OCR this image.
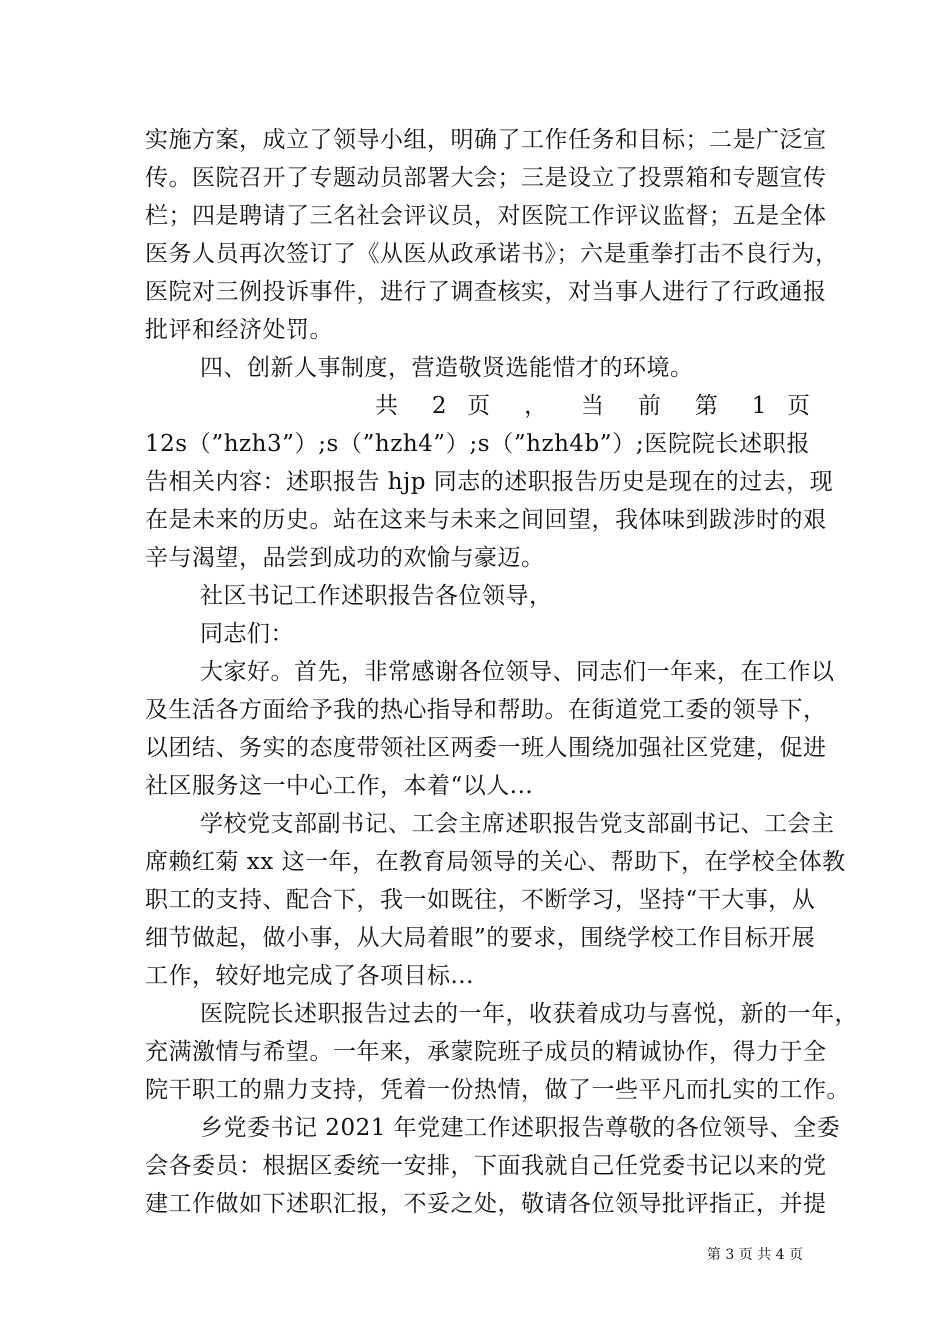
实施方案，成立了领导小组，明确了工作任务和目标；二是广泛宣
传。医院召开了专题动员部署大会；三是设立了投票箱和专题宣传
栏；四是聘请了三名社会评议员，对医院工作评议监督；五是全体
医务人员再次签订了《从医从政承诺书》；六是重拳打击不良行为，
医院对三例投诉事件，进行了调查核实，对当事人进行了行政通报
批评和经济处罚。
四、创新人事制度，营造敬贤选能惜才的环境。
共 2 页 ， 当 前 第 1 页
12s（”hzh3”）;s（”hzh4”）;s（”hzh4b”）;医院院长述职报
告相关内容：述职报告 hjp 同志的述职报告历史是现在的过去，现
在是未来的历史。站在这来与未来之间回望，我体味到跋涉时的艰
辛与渴望，品尝到成功的欢愉与豪迈。
社区书记工作述职报告各位领导，
同志们：
大家好。首先，非常感谢各位领导、同志们一年来，在工作以
及生活各方面给予我的热心指导和帮助。在街道党工委的领导下，
以团结、务实的态度带领社区两委一班人围绕加强社区党建，促进
社区服务这一中心工作，本着“以人...
学校党支部副书记、工会主席述职报告党支部副书记、工会主
席赖红菊 xx 这一年，在教育局领导的关心、帮助下，在学校全体教
职工的支持、配合下，我一如既往，不断学习，坚持“干大事，从
细节做起，做小事，从大局着眼”的要求，围绕学校工作目标开展
工作，较好地完成了各项目标...
医院院长述职报告过去的一年，收获着成功与喜悦，新的一年，
充满激情与希望。一年来，承蒙院班子成员的精诚协作，得力于全
院干职工的鼎力支持，凭着一份热情，做了一些平凡而扎实的工作。
乡党委书记 2021 年党建工作述职报告尊敬的各位领导、全委
会各委员：根据区委统一安排，下面我就自己任党委书记以来的党
建工作做如下述职汇报，不妥之处，敬请各位领导批评指正，并提
第 3 页 共 4 页
